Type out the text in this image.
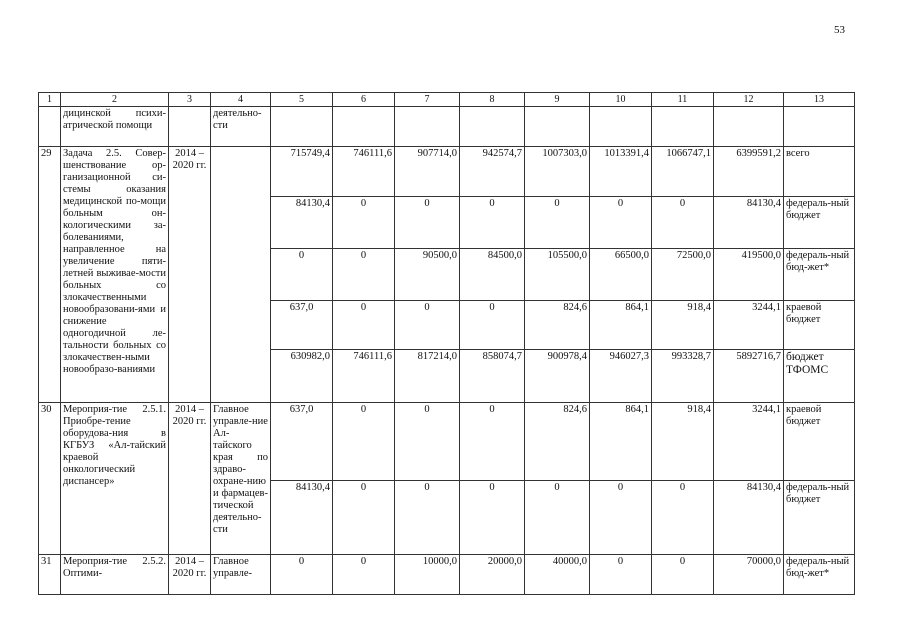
53
1	2	3	4	5	6	7	8	9	10	11	12	13
	дицинской психи-атрической помощи		деятельно-сти									
29	Задача 2.5. Совер-шенствование ор-ганизационной си-стемы оказания медицинской по-мощи больным он-кологическими за-болеваниями, направленное на увеличение пяти-летней выживае-мости больных со злокачественными новообразовани-ями и снижение одногодичной ле-тальности больных со злокачествен-ными новообразо-ваниями	2014 – 2020 гг.		715749,4	746111,6	907714,0	942574,7	1007303,0	1013391,4	1066747,1	6399591,2	всего
				84130,4	0	0	0	0	0	0	84130,4	федераль-ный бюджет
				0	0	90500,0	84500,0	105500,0	66500,0	72500,0	419500,0	федераль-ный бюд-жет*
				637,0	0	0	0	824,6	864,1	918,4	3244,1	краевой бюджет
				630982,0	746111,6	817214,0	858074,7	900978,4	946027,3	993328,7	5892716,7	бюджет ТФОМС
30	Мероприя-тие 2.5.1. Приобре-тение оборудова-ния в КГБУЗ «Ал-тайский краевой онкологический диспансер»	2014 – 2020 гг.	Главное управле-ние Ал-тайского края по здраво-охране-нию и фармацев-тической деятельно-сти	637,0	0	0	0	824,6	864,1	918,4	3244,1	краевой бюджет
				84130,4	0	0	0	0	0	0	84130,4	федераль-ный бюджет
31	Мероприя-тие 2.5.2. Оптими-	2014 – 2020 гг.	Главное управле-	0	0	10000,0	20000,0	40000,0	0	0	70000,0	федераль-ный бюд-жет*
